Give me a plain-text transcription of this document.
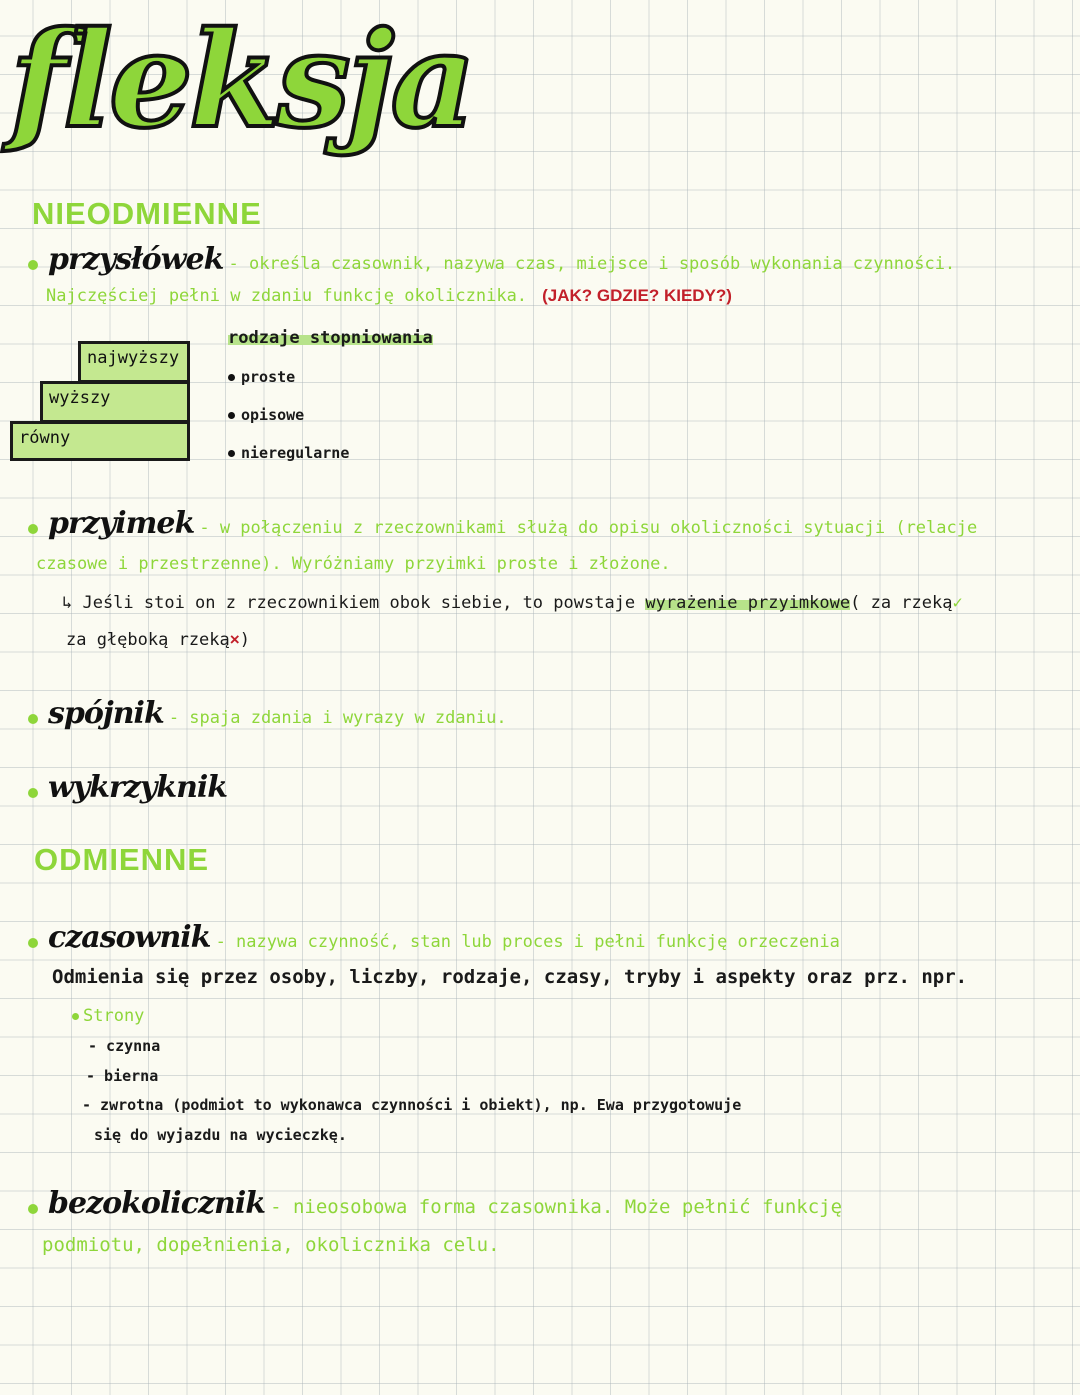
fleksja
NIEODMIENNE
przysłówek - określa czasownik, nazywa czas, miejsce i sposób wykonania czynności.
Najczęściej pełni w zdaniu funkcję okolicznika. (JAK? GDZIE? KIEDY?)
najwyższy
wyższy
równy
rodzaje stopniowania
proste
opisowe
nieregularne
przyimek - w połączeniu z rzeczownikami służą do opisu okoliczności sytuacji (relacje
czasowe i przestrzenne). Wyróżniamy przyimki proste i złożone.
↳ Jeśli stoi on z rzeczownikiem obok siebie, to powstaje wyrażenie przyimkowe( za rzeką✓
za głęboką rzeką×)
spójnik - spaja zdania i wyrazy w zdaniu.
wykrzyknik
ODMIENNE
czasownik - nazywa czynność, stan lub proces i pełni funkcję orzeczenia
Odmienia się przez osoby, liczby, rodzaje, czasy, tryby i aspekty oraz prz. npr.
Strony
- czynna
- bierna
- zwrotna (podmiot to wykonawca czynności i obiekt), np. Ewa przygotowuje
się do wyjazdu na wycieczkę.
bezokolicznik - nieosobowa forma czasownika. Może pełnić funkcję
podmiotu, dopełnienia, okolicznika celu.
